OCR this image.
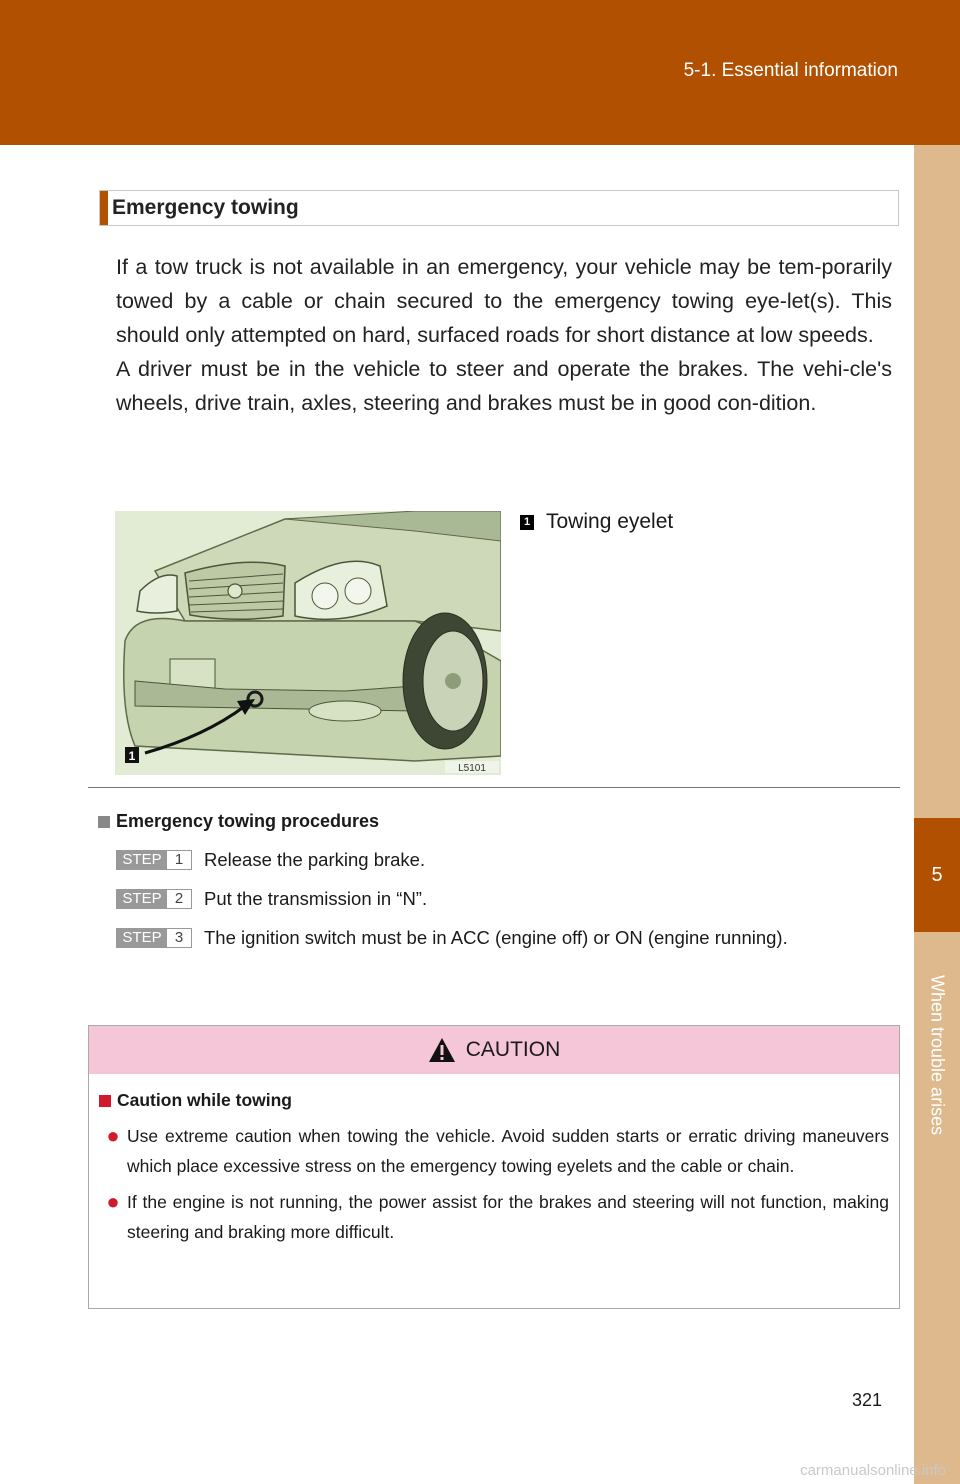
5-1. Essential information
5
When trouble arises
Emergency towing

If a tow truck is not available in an emergency, your vehicle may be tem-porarily towed by a cable or chain secured to the emergency towing eye-let(s). This should only attempted on hard, surfaced roads for short distance at low speeds.

A driver must be in the vehicle to steer and operate the brakes. The vehi-cle's wheels, drive train, axles, steering and brakes must be in good con-dition.

1
L5101
1 Towing eyelet
Emergency towing procedures
STEP 1	Release the parking brake.
STEP 2	Put the transmission in “N”.
STEP 3	The ignition switch must be in ACC (engine off) or ON (engine running).
CAUTION
Caution while towing
● Use extreme caution when towing the vehicle. Avoid sudden starts or erratic driving maneuvers which place excessive stress on the emergency towing eyelets and the cable or chain.
● If the engine is not running, the power assist for the brakes and steering will not function, making steering and braking more difficult.
321
carmanualsonline.info
